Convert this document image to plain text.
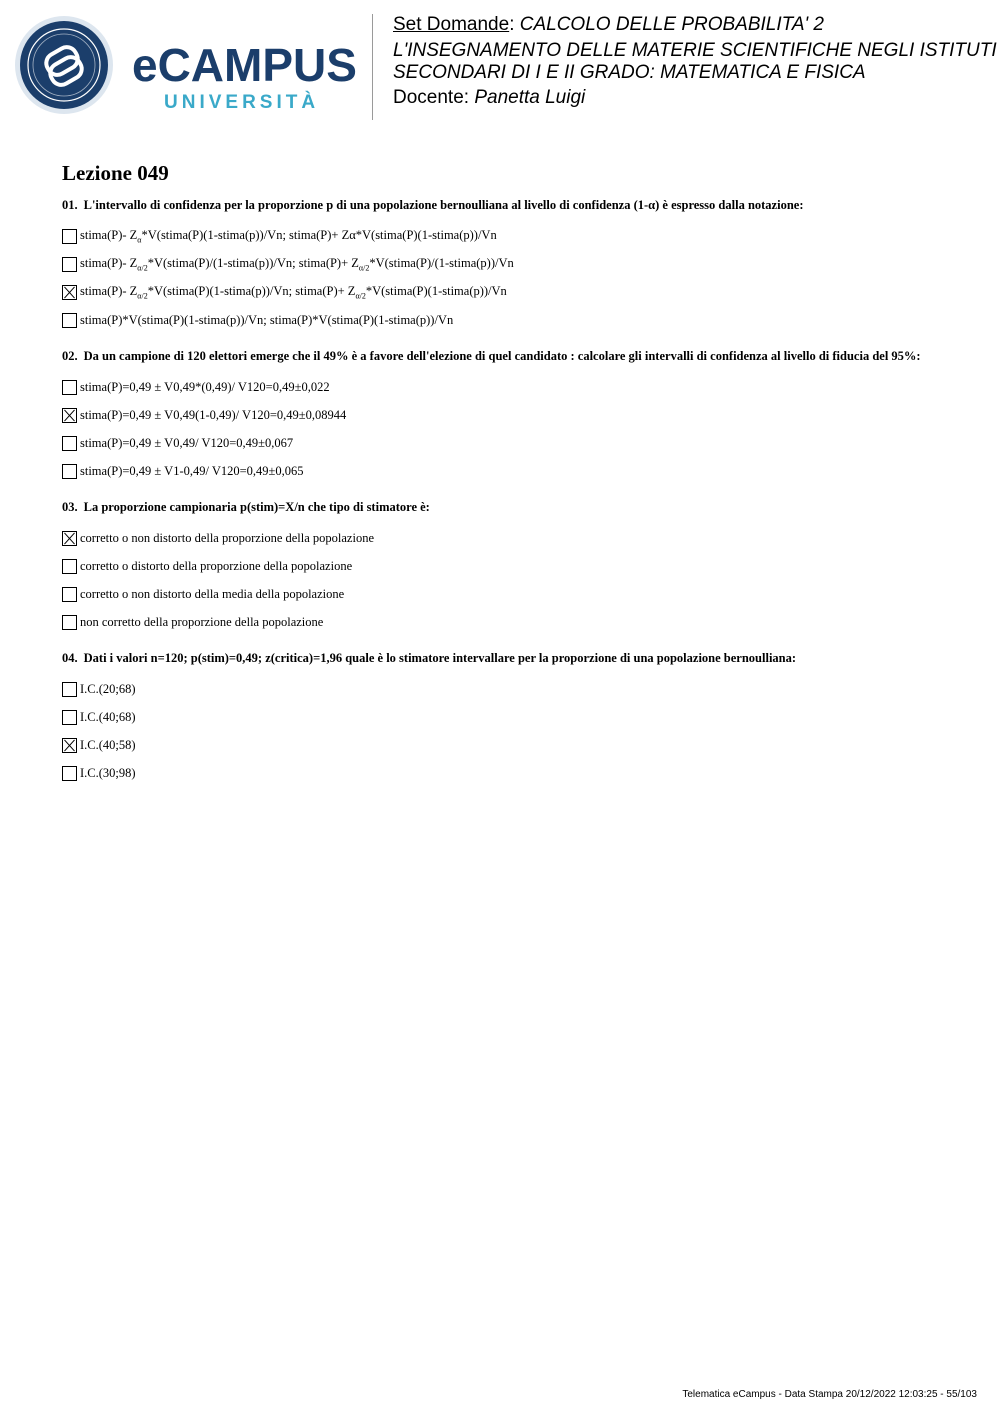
eCAMPUS
UNIVERSITÀ
Set Domande: CALCOLO DELLE PROBABILITA' 2
L'INSEGNAMENTO DELLE MATERIE SCIENTIFICHE NEGLI ISTITUTI
SECONDARI DI I E II GRADO: MATEMATICA E FISICA
Docente: Panetta Luigi
Lezione 049
01. L'intervallo di confidenza per la proporzione p di una popolazione bernoulliana al livello di confidenza (1-α) è espresso dalla notazione:
stima(P)- $Z_\alpha*V(stima(P)(1-stima(p))/Vn$; stima(P)+ Zα*V(stima(P)(1-stima(p))/Vn
stima(P)- $Z_{\alpha/2}*V(stima(P)/(1-stima(p))/Vn$; stima(P)+ $Z_{\alpha/2}*V(stima(P)/(1-stima(p))/Vn$
stima(P)- $Z_{\alpha/2}*V(stima(P)(1-stima(p))/Vn$; stima(P)+ $Z_{\alpha/2}*V(stima(P)(1-stima(p))/Vn$
stima(P)*V(stima(P)(1-stima(p))/Vn; stima(P)*V(stima(P)(1-stima(p))/Vn
02. Da un campione di 120 elettori emerge che il 49% è a favore dell'elezione di quel candidato : calcolare gli intervalli di confidenza al livello di fiducia del 95%:
stima(P)=0,49 ± V0,49*(0,49)/ V120=0,49±0,022
stima(P)=0,49 ± V0,49(1-0,49)/ V120=0,49±0,08944
stima(P)=0,49 ± V0,49/ V120=0,49±0,067
stima(P)=0,49 ± V1-0,49/ V120=0,49±0,065
03. La proporzione campionaria p(stim)=X/n che tipo di stimatore è:
corretto o non distorto della proporzione della popolazione
corretto o distorto della proporzione della popolazione
corretto o non distorto della media della popolazione
non corretto della proporzione della popolazione
04. Dati i valori n=120; p(stim)=0,49; z(critica)=1,96 quale è lo stimatore intervallare per la proporzione di una popolazione bernoulliana:
I.C.(20;68)
I.C.(40;68)
I.C.(40;58)
I.C.(30;98)
Telematica eCampus - Data Stampa 20/12/2022 12:03:25 - 55/103
